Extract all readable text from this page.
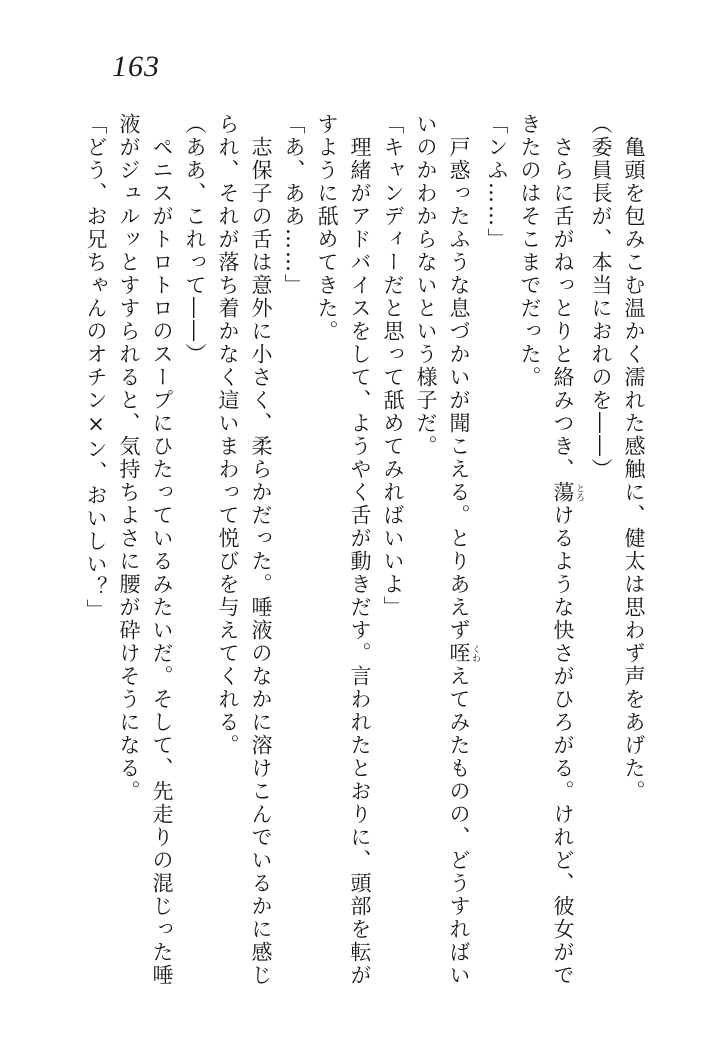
163
亀頭を包みこむ温かく濡れた感触に、健太は思わず声をあげた。
（委員長が、本当におれのを――）
さらに舌がねっとりと絡みつき、蕩 とろけるような快さがひろがる。けれど、彼女がで
きたのはそこまでだった。
「ンふ……」
戸惑ったふうな息づかいが聞こえる。とりあえず咥 くわえてみたものの、どうすればい
いのかわからないという様子だ。
「キャンディーだと思って舐めてみればいいよ」
理緒がアドバイスをして、ようやく舌が動きだす。言われたとおりに、頭部を転が
すように舐めてきた。
「あ、ああ……」
志保子の舌は意外に小さく、柔らかだった。唾液のなかに溶けこんでいるかに感じ
られ、それが落ち着かなく這いまわって悦びを与えてくれる。
（ああ、これって――）
ペニスがトロトロのスープにひたっているみたいだ。そして、先走りの混じった唾
液がジュルッとすすられると、気持ちよさに腰が砕けそうになる。
「どう、お兄ちゃんのオチン×ン、おいしい？」
